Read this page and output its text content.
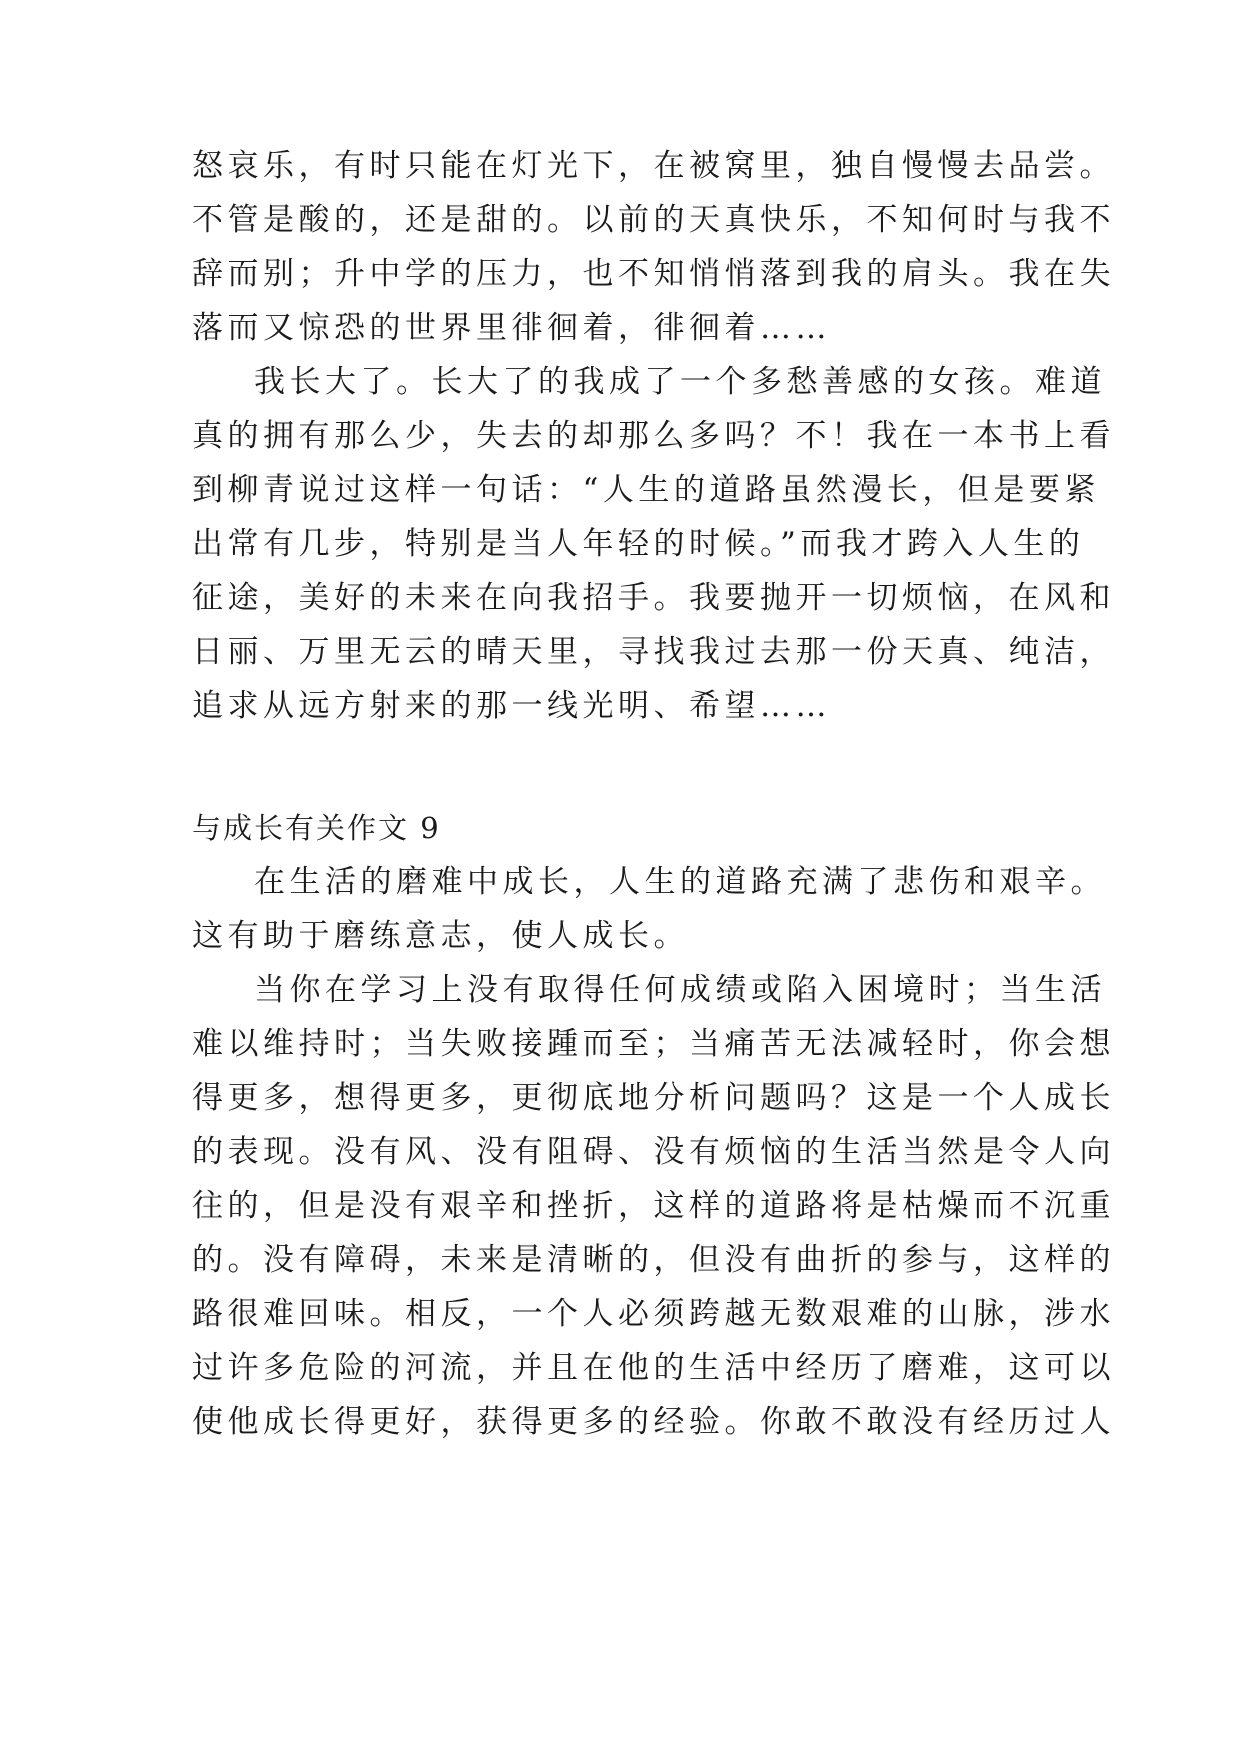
怒哀乐，有时只能在灯光下，在被窝里，独自慢慢去品尝。
不管是酸的，还是甜的。以前的天真快乐，不知何时与我不
辞而别；升中学的压力，也不知悄悄落到我的肩头。我在失
落而又惊恐的世界里徘徊着，徘徊着……
我长大了。长大了的我成了一个多愁善感的女孩。难道
真的拥有那么少，失去的却那么多吗？不！我在一本书上看
到柳青说过这样一句话：“人生的道路虽然漫长，但是要紧
出常有几步，特别是当人年轻的时候。”而我才跨入人生的
征途，美好的未来在向我招手。我要抛开一切烦恼，在风和
日丽、万里无云的晴天里，寻找我过去那一份天真、纯洁，
追求从远方射来的那一线光明、希望……
与成长有关作文 9
在生活的磨难中成长，人生的道路充满了悲伤和艰辛。
这有助于磨练意志，使人成长。
当你在学习上没有取得任何成绩或陷入困境时；当生活
难以维持时；当失败接踵而至；当痛苦无法减轻时，你会想
得更多，想得更多，更彻底地分析问题吗？这是一个人成长
的表现。没有风、没有阻碍、没有烦恼的生活当然是令人向
往的，但是没有艰辛和挫折，这样的道路将是枯燥而不沉重
的。没有障碍，未来是清晰的，但没有曲折的参与，这样的
路很难回味。相反，一个人必须跨越无数艰难的山脉，涉水
过许多危险的河流，并且在他的生活中经历了磨难，这可以
使他成长得更好，获得更多的经验。你敢不敢没有经历过人
